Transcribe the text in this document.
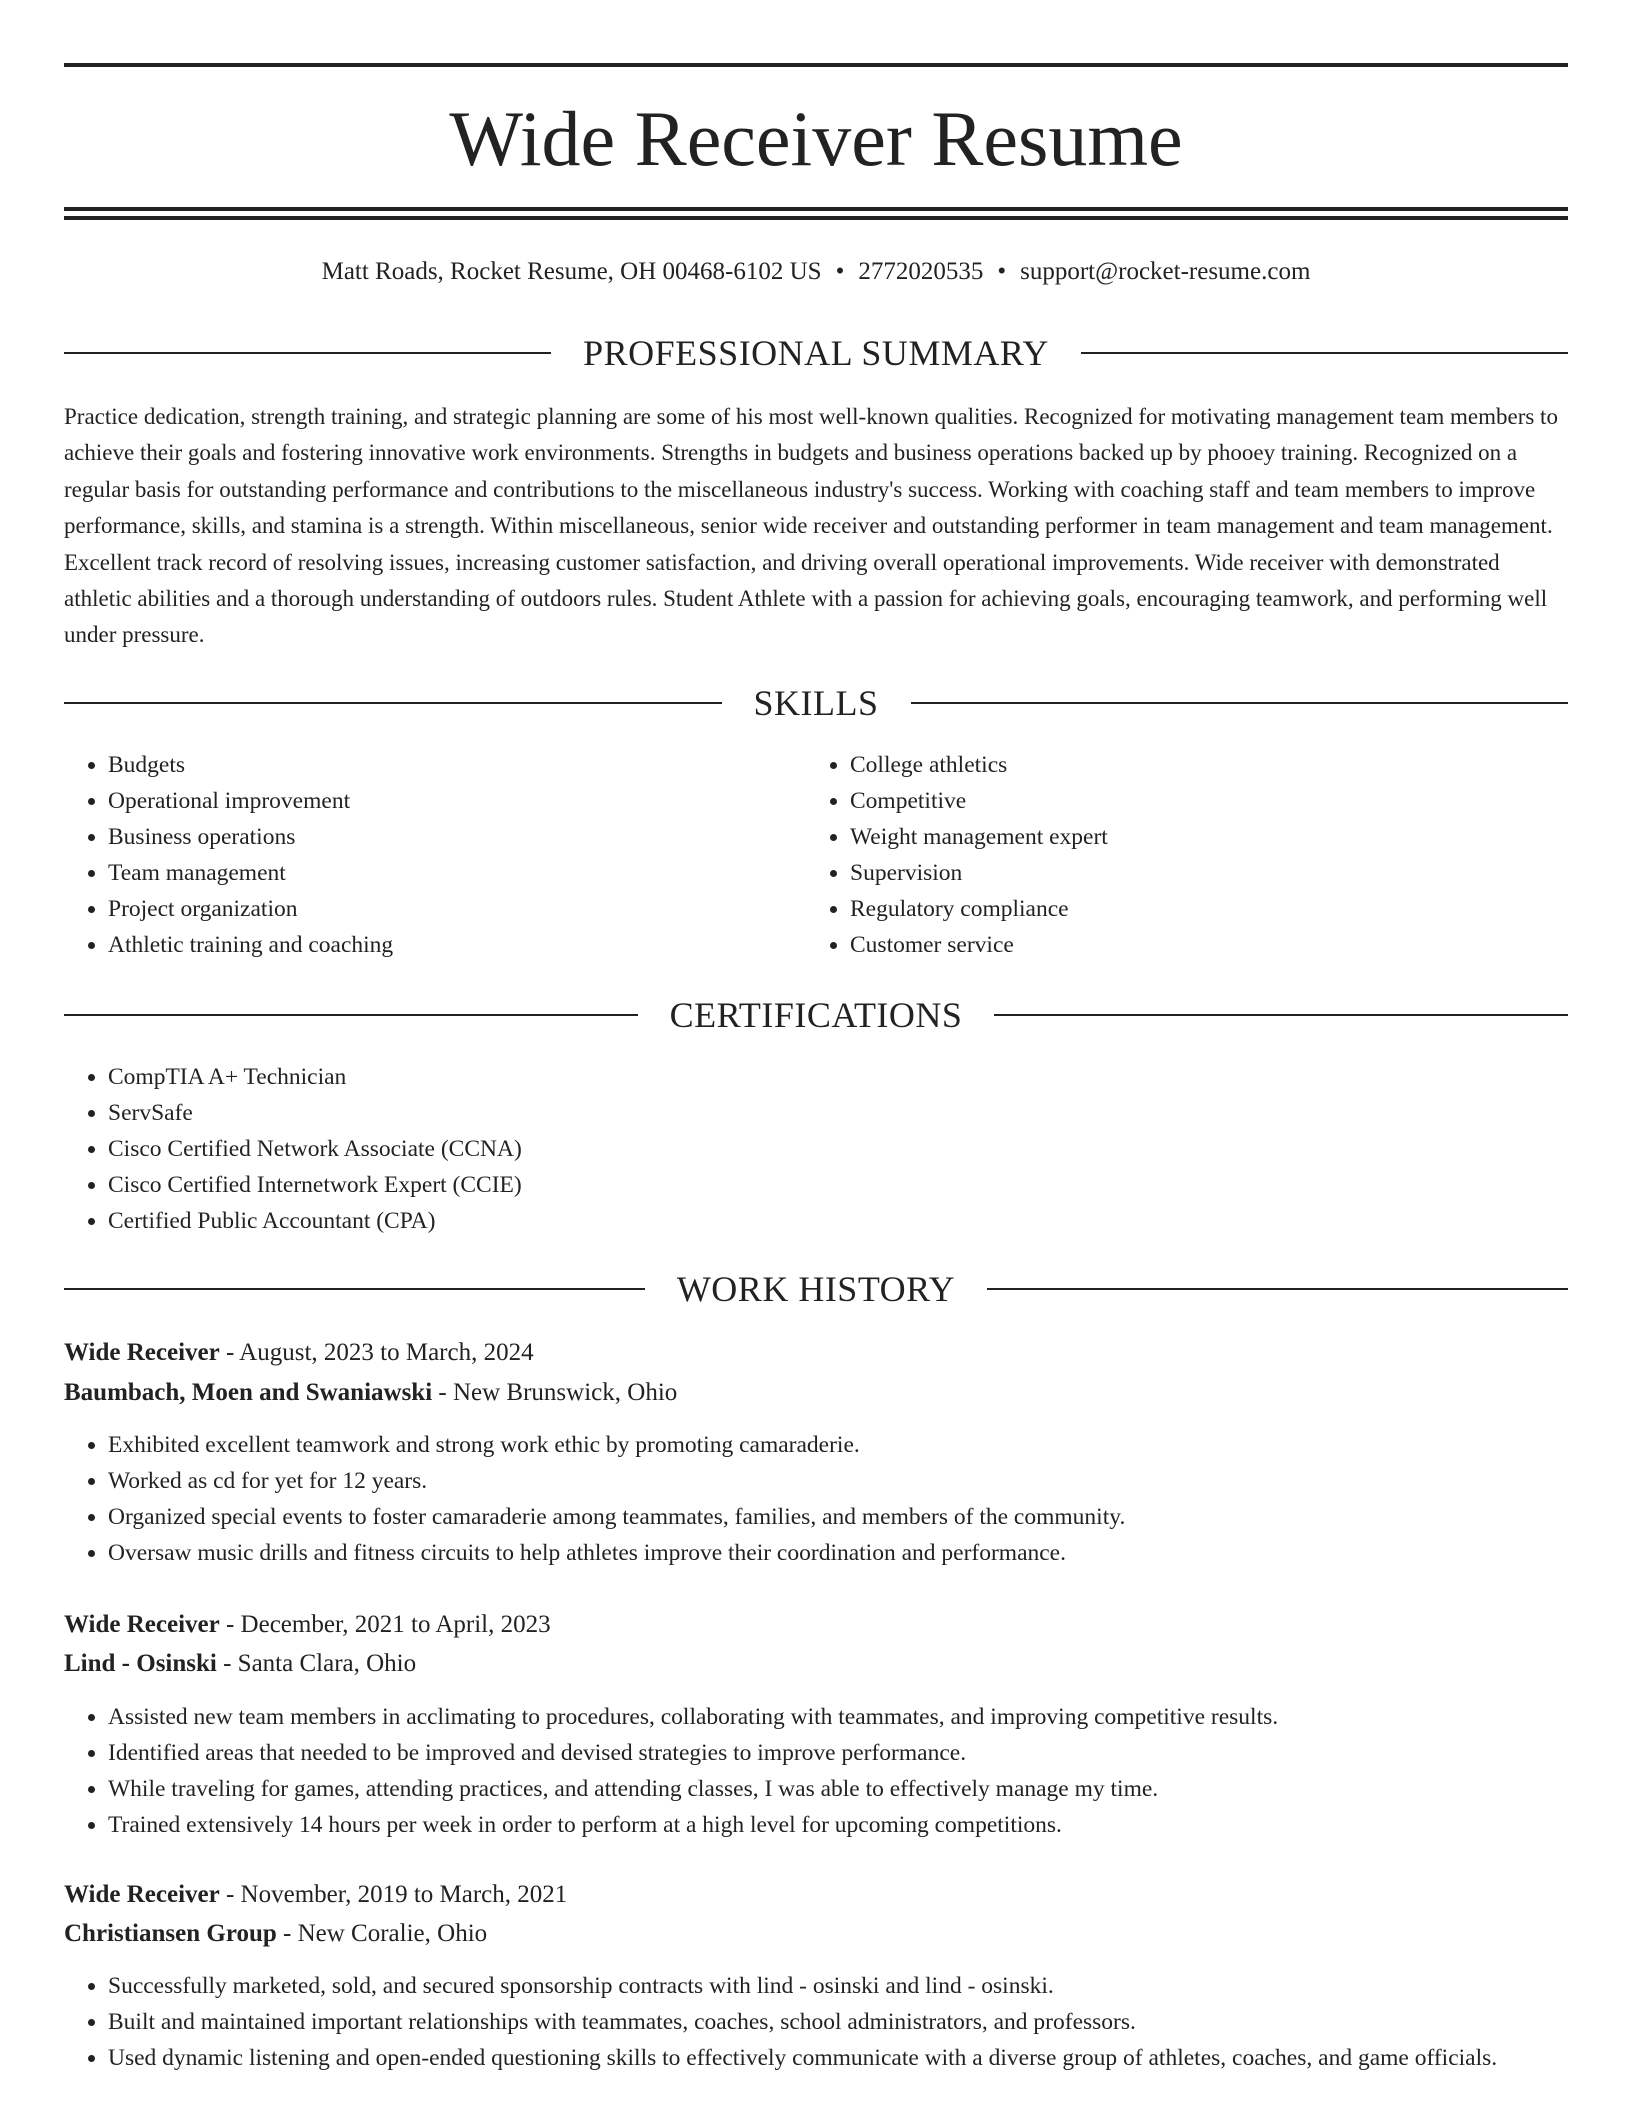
Wide Receiver Resume
Matt Roads, Rocket Resume, OH 00468-6102 US • 2772020535 • support@rocket-resume.com
PROFESSIONAL SUMMARY

Practice dedication, strength training, and strategic planning are some of his most well-known qualities. Recognized for motivating management team members to achieve their goals and fostering innovative work environments. Strengths in budgets and business operations backed up by phooey training. Recognized on a regular basis for outstanding performance and contributions to the miscellaneous industry's success. Working with coaching staff and team members to improve performance, skills, and stamina is a strength. Within miscellaneous, senior wide receiver and outstanding performer in team management and team management. Excellent track record of resolving issues, increasing customer satisfaction, and driving overall operational improvements. Wide receiver with demonstrated athletic abilities and a thorough understanding of outdoors rules. Student Athlete with a passion for achieving goals, encouraging teamwork, and performing well under pressure.

SKILLS
• Budgets
• Operational improvement
• Business operations
• Team management
• Project organization
• Athletic training and coaching
• College athletics
• Competitive
• Weight management expert
• Supervision
• Regulatory compliance
• Customer service
CERTIFICATIONS
• CompTIA A+ Technician
• ServSafe
• Cisco Certified Network Associate (CCNA)
• Cisco Certified Internetwork Expert (CCIE)
• Certified Public Accountant (CPA)
WORK HISTORY
Wide Receiver - August, 2023 to March, 2024
Baumbach, Moen and Swaniawski - New Brunswick, Ohio
• Exhibited excellent teamwork and strong work ethic by promoting camaraderie.
• Worked as cd for yet for 12 years.
• Organized special events to foster camaraderie among teammates, families, and members of the community.
• Oversaw music drills and fitness circuits to help athletes improve their coordination and performance.
Wide Receiver - December, 2021 to April, 2023
Lind - Osinski - Santa Clara, Ohio
• Assisted new team members in acclimating to procedures, collaborating with teammates, and improving competitive results.
• Identified areas that needed to be improved and devised strategies to improve performance.
• While traveling for games, attending practices, and attending classes, I was able to effectively manage my time.
• Trained extensively 14 hours per week in order to perform at a high level for upcoming competitions.
Wide Receiver - November, 2019 to March, 2021
Christiansen Group - New Coralie, Ohio
• Successfully marketed, sold, and secured sponsorship contracts with lind - osinski and lind - osinski.
• Built and maintained important relationships with teammates, coaches, school administrators, and professors.
• Used dynamic listening and open-ended questioning skills to effectively communicate with a diverse group of athletes, coaches, and game officials.
